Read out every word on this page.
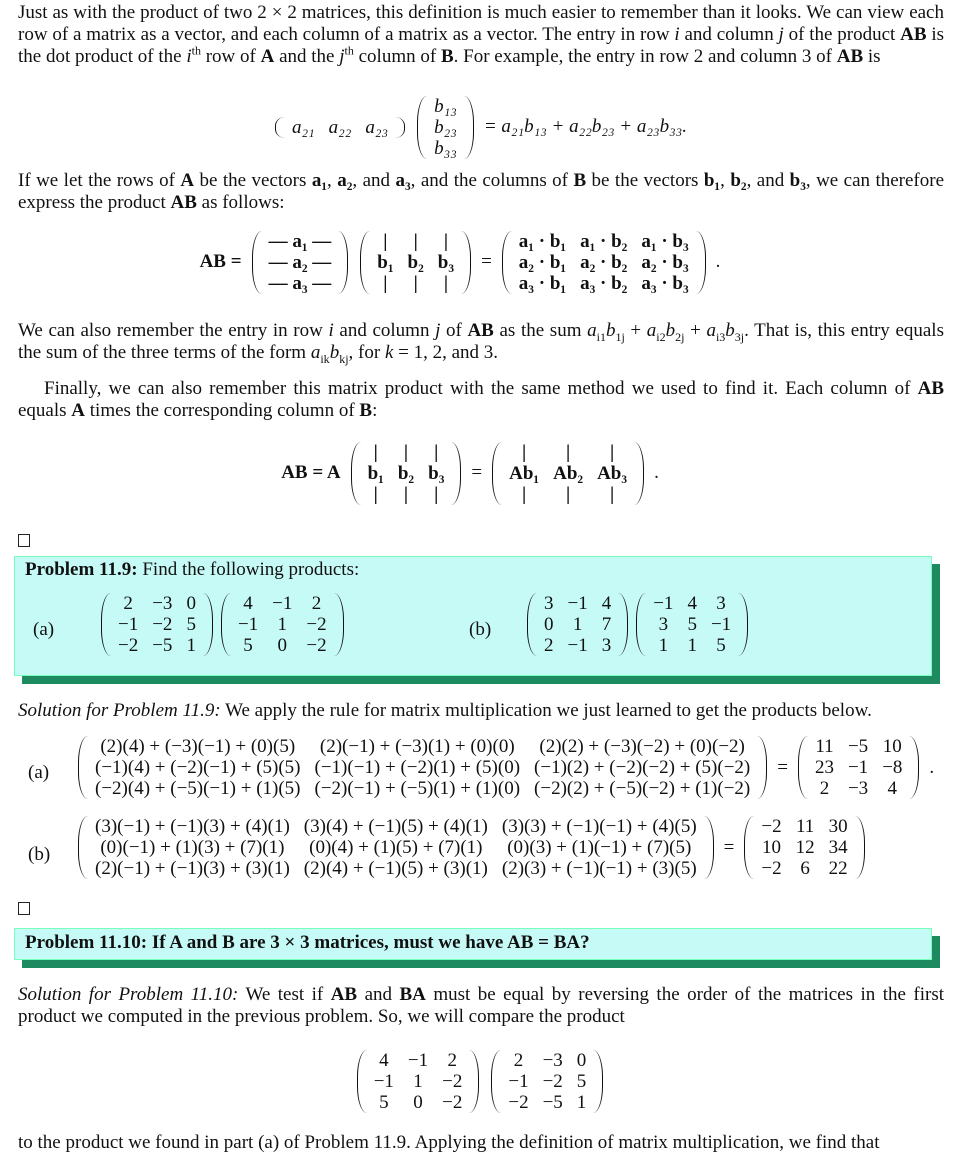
Just as with the product of two 2 × 2 matrices, this definition is much easier to remember than it looks. We can view each row of a matrix as a vector, and each column of a matrix as a vector. The entry in row i and column j of the product AB is the dot product of the $i^{th}$ row of A and the $j^{th}$ column of B. For example, the entry in row 2 and column 3 of AB is

a₂₁	a₂₂	a₂₃
b₁₃
b₂₃
b₃₃
= a₂₁b₁₃ + a₂₂b₂₃ + a₂₃b₃₃.

If we let the rows of A be the vectors a₁, a₂, and a₃, and the columns of B be the vectors b₁, b₂, and b₃, we can therefore express the product AB as follows:

AB =
— a₁ —
— a₂ —
— a₃ —
|	|	|
b₁	b₂	b₃
|	|	|
=
a₁ · b₁	a₁ · b₂	a₁ · b₃
a₂ · b₁	a₂ · b₂	a₂ · b₃
a₃ · b₁	a₃ · b₂	a₃ · b₃
.

We can also remember the entry in row i and column j of AB as the sum $a_{i1}b_{1j} + a_{i2}b_{2j} + a_{i3}b_{3j}$. That is, this entry equals the sum of the three terms of the form $a_{ik}b_{kj}$, for k = 1, 2, and 3.

Finally, we can also remember this matrix product with the same method we used to find it. Each column of AB equals A times the corresponding column of B:

AB = A
|	|	|
b₁	b₂	b₃
|	|	|
=
|	|	|
Ab₁	Ab₂	Ab₃
|	|	|
.
Problem 11.9: Find the following products:
(a)
2	−3	0
−1	−2	5
−2	−5	1
4	−1	2
−1	1	−2
5	0	−2
(b)
3	−1	4
0	1	7
2	−1	3
−1	4	3
3	5	−1
1	1	5

Solution for Problem 11.9: We apply the rule for matrix multiplication we just learned to get the products below.

(a)
(2)(4) + (−3)(−1) + (0)(5)	(2)(−1) + (−3)(1) + (0)(0)	(2)(2) + (−3)(−2) + (0)(−2)
(−1)(4) + (−2)(−1) + (5)(5)	(−1)(−1) + (−2)(1) + (5)(0)	(−1)(2) + (−2)(−2) + (5)(−2)
(−2)(4) + (−5)(−1) + (1)(5)	(−2)(−1) + (−5)(1) + (1)(0)	(−2)(2) + (−5)(−2) + (1)(−2)
=
11	−5	10
23	−1	−8
2	−3	4
.
(b)
(3)(−1) + (−1)(3) + (4)(1)	(3)(4) + (−1)(5) + (4)(1)	(3)(3) + (−1)(−1) + (4)(5)
(0)(−1) + (1)(3) + (7)(1)	(0)(4) + (1)(5) + (7)(1)	(0)(3) + (1)(−1) + (7)(5)
(2)(−1) + (−1)(3) + (3)(1)	(2)(4) + (−1)(5) + (3)(1)	(2)(3) + (−1)(−1) + (3)(5)
=
−2	11	30
10	12	34
−2	6	22
Problem 11.10: If A and B are 3 × 3 matrices, must we have AB = BA?

Solution for Problem 11.10: We test if AB and BA must be equal by reversing the order of the matrices in the first product we computed in the previous problem. So, we will compare the product

4	−1	2
−1	1	−2
5	0	−2
2	−3	0
−1	−2	5
−2	−5	1

to the product we found in part (a) of Problem 11.9. Applying the definition of matrix multiplication, we find that
